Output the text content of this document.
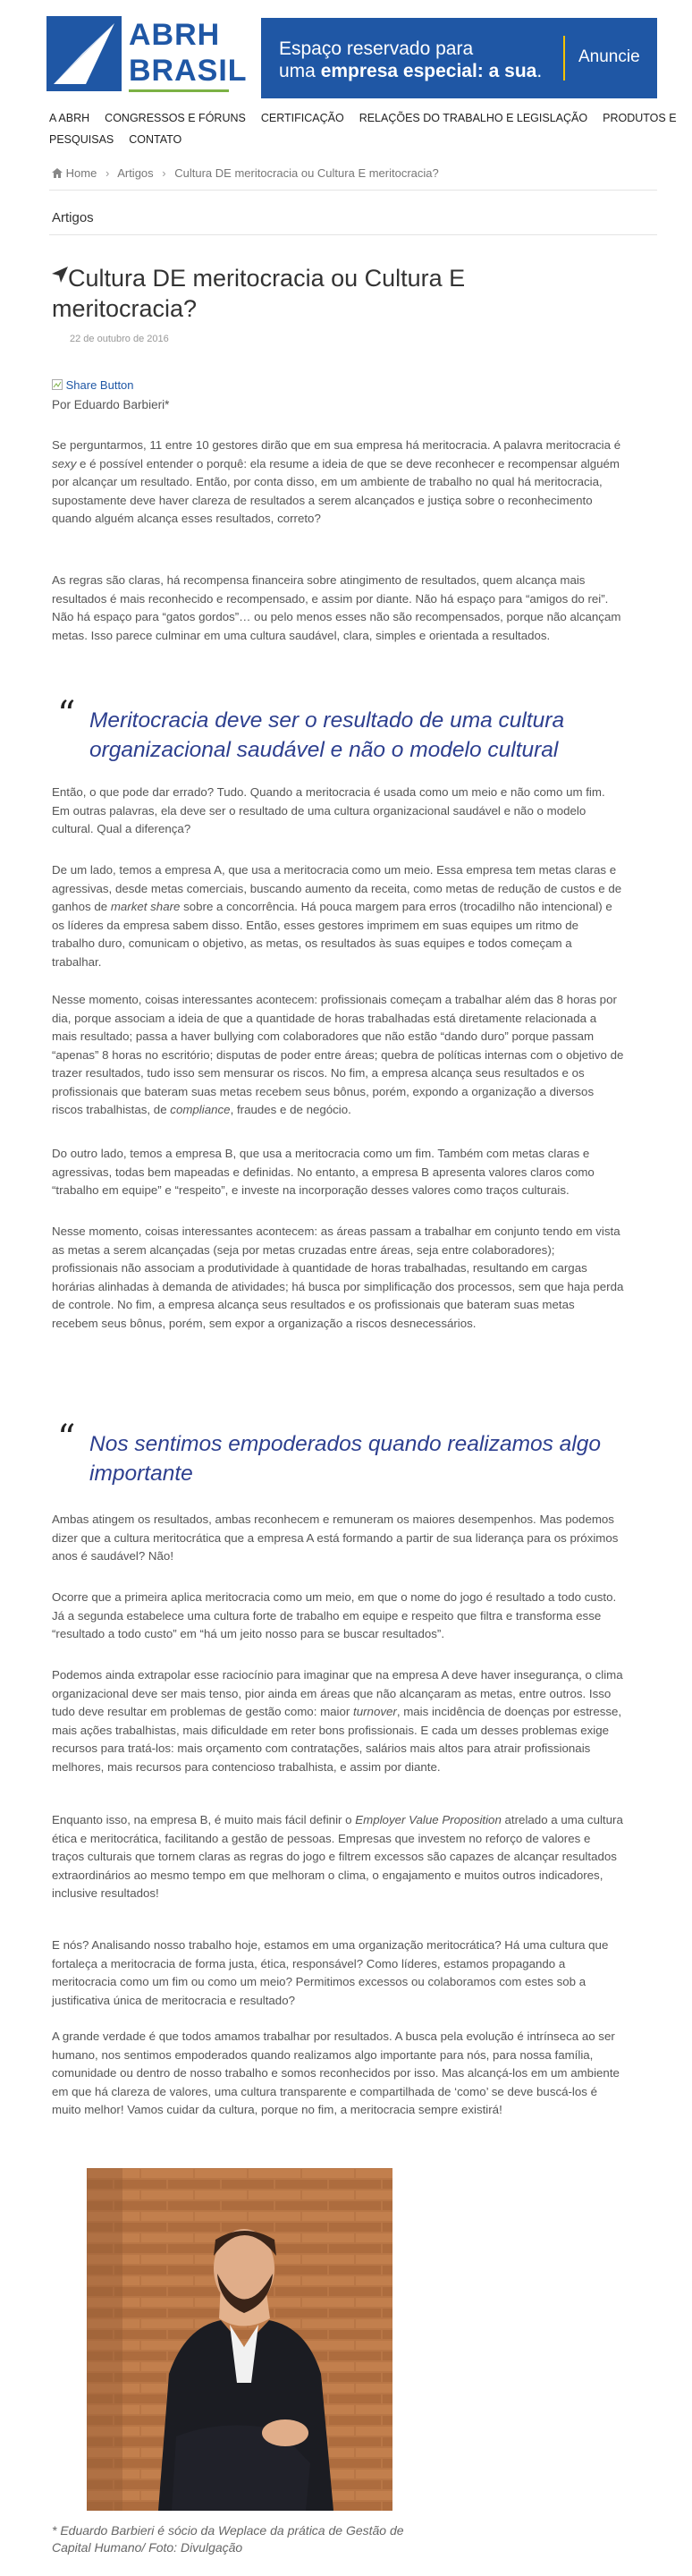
ABRH
BRASIL
Espaço reservado para
uma empresa especial: a sua.
Anuncie
A ABRH CONGRESSOS E FÓRUNS CERTIFICAÇÃO RELAÇÕES DO TRABALHO E LEGISLAÇÃO PRODUTOS E
PESQUISAS CONTATO
Home › Artigos › Cultura DE meritocracia ou Cultura E meritocracia?
Artigos
Cultura DE meritocracia ou Cultura E meritocracia?
22 de outubro de 2016
Share Button
Por Eduardo Barbieri*
Se perguntarmos, 11 entre 10 gestores dirão que em sua empresa há meritocracia. A palavra meritocracia é sexy e é possível entender o porquê: ela resume a ideia de que se deve reconhecer e recompensar alguém por alcançar um resultado. Então, por conta disso, em um ambiente de trabalho no qual há meritocracia, supostamente deve haver clareza de resultados a serem alcançados e justiça sobre o reconhecimento quando alguém alcança esses resultados, correto?
As regras são claras, há recompensa financeira sobre atingimento de resultados, quem alcança mais resultados é mais reconhecido e recompensado, e assim por diante. Não há espaço para “amigos do rei”. Não há espaço para “gatos gordos”… ou pelo menos esses não são recompensados, porque não alcançam metas. Isso parece culminar em uma cultura saudável, clara, simples e orientada a resultados.
“ Meritocracia deve ser o resultado de uma cultura organizacional saudável e não o modelo cultural
Então, o que pode dar errado? Tudo. Quando a meritocracia é usada como um meio e não como um fim. Em outras palavras, ela deve ser o resultado de uma cultura organizacional saudável e não o modelo cultural. Qual a diferença?
De um lado, temos a empresa A, que usa a meritocracia como um meio. Essa empresa tem metas claras e agressivas, desde metas comerciais, buscando aumento da receita, como metas de redução de custos e de ganhos de market share sobre a concorrência. Há pouca margem para erros (trocadilho não intencional) e os líderes da empresa sabem disso. Então, esses gestores imprimem em suas equipes um ritmo de trabalho duro, comunicam o objetivo, as metas, os resultados às suas equipes e todos começam a trabalhar.
Nesse momento, coisas interessantes acontecem: profissionais começam a trabalhar além das 8 horas por dia, porque associam a ideia de que a quantidade de horas trabalhadas está diretamente relacionada a mais resultado; passa a haver bullying com colaboradores que não estão “dando duro” porque passam “apenas” 8 horas no escritório; disputas de poder entre áreas; quebra de políticas internas com o objetivo de trazer resultados, tudo isso sem mensurar os riscos. No fim, a empresa alcança seus resultados e os profissionais que bateram suas metas recebem seus bônus, porém, expondo a organização a diversos riscos trabalhistas, de compliance, fraudes e de negócio.
Do outro lado, temos a empresa B, que usa a meritocracia como um fim. Também com metas claras e agressivas, todas bem mapeadas e definidas. No entanto, a empresa B apresenta valores claros como “trabalho em equipe” e “respeito”, e investe na incorporação desses valores como traços culturais.
Nesse momento, coisas interessantes acontecem: as áreas passam a trabalhar em conjunto tendo em vista as metas a serem alcançadas (seja por metas cruzadas entre áreas, seja entre colaboradores); profissionais não associam a produtividade à quantidade de horas trabalhadas, resultando em cargas horárias alinhadas à demanda de atividades; há busca por simplificação dos processos, sem que haja perda de controle. No fim, a empresa alcança seus resultados e os profissionais que bateram suas metas recebem seus bônus, porém, sem expor a organização a riscos desnecessários.
“ Nos sentimos empoderados quando realizamos algo importante
Ambas atingem os resultados, ambas reconhecem e remuneram os maiores desempenhos. Mas podemos dizer que a cultura meritocrática que a empresa A está formando a partir de sua liderança para os próximos anos é saudável? Não!
Ocorre que a primeira aplica meritocracia como um meio, em que o nome do jogo é resultado a todo custo. Já a segunda estabelece uma cultura forte de trabalho em equipe e respeito que filtra e transforma esse “resultado a todo custo” em “há um jeito nosso para se buscar resultados”.
Podemos ainda extrapolar esse raciocínio para imaginar que na empresa A deve haver insegurança, o clima organizacional deve ser mais tenso, pior ainda em áreas que não alcançaram as metas, entre outros. Isso tudo deve resultar em problemas de gestão como: maior turnover, mais incidência de doenças por estresse, mais ações trabalhistas, mais dificuldade em reter bons profissionais. E cada um desses problemas exige recursos para tratá-los: mais orçamento com contratações, salários mais altos para atrair profissionais melhores, mais recursos para contencioso trabalhista, e assim por diante.
Enquanto isso, na empresa B, é muito mais fácil definir o Employer Value Proposition atrelado a uma cultura ética e meritocrática, facilitando a gestão de pessoas. Empresas que investem no reforço de valores e traços culturais que tornem claras as regras do jogo e filtrem excessos são capazes de alcançar resultados extraordinários ao mesmo tempo em que melhoram o clima, o engajamento e muitos outros indicadores, inclusive resultados!
E nós? Analisando nosso trabalho hoje, estamos em uma organização meritocrática? Há uma cultura que fortaleça a meritocracia de forma justa, ética, responsável? Como líderes, estamos propagando a meritocracia como um fim ou como um meio? Permitimos excessos ou colaboramos com estes sob a justificativa única de meritocracia e resultado?
A grande verdade é que todos amamos trabalhar por resultados. A busca pela evolução é intrínseca ao ser humano, nos sentimos empoderados quando realizamos algo importante para nós, para nossa família, comunidade ou dentro de nosso trabalho e somos reconhecidos por isso. Mas alcançá-los em um ambiente em que há clareza de valores, uma cultura transparente e compartilhada de ‘como’ se deve buscá-los é muito melhor! Vamos cuidar da cultura, porque no fim, a meritocracia sempre existirá!
* Eduardo Barbieri é sócio da Weplace da prática de Gestão de Capital Humano/ Foto: Divulgação
